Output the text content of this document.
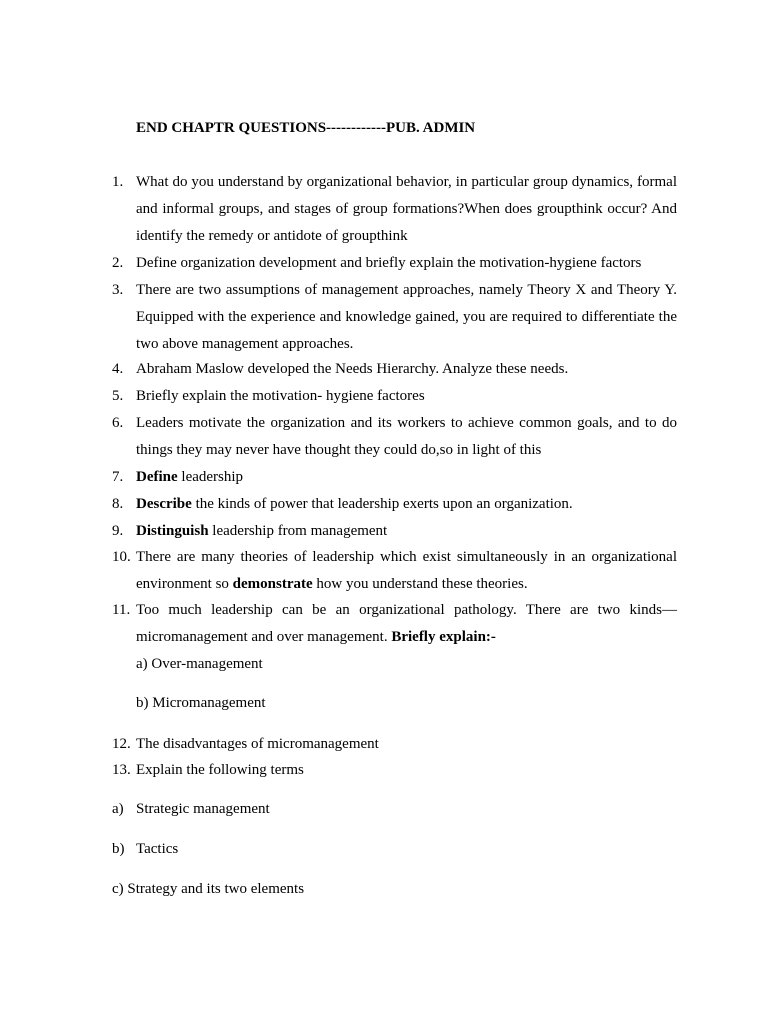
END CHAPTR QUESTIONS------------PUB. ADMIN
1. What do you understand by organizational behavior, in particular group dynamics, formal and informal groups, and stages of group formations?When does groupthink occur? And identify the remedy or antidote of groupthink
2. Define organization development and briefly explain the motivation-hygiene factors
3. There are two assumptions of management approaches, namely Theory X and Theory Y. Equipped with the experience and knowledge gained, you are required to differentiate the two above management approaches.
4. Abraham Maslow developed the Needs Hierarchy. Analyze these needs.
5. Briefly explain the motivation- hygiene factores
6. Leaders motivate the organization and its workers to achieve common goals, and to do things they may never have thought they could do,so in light of this
7. Define leadership
8. Describe the kinds of power that leadership exerts upon an organization.
9. Distinguish leadership from management
10. There are many theories of leadership which exist simultaneously in an organizational environment so demonstrate how you understand these theories.
11. Too much leadership can be an organizational pathology. There are two kinds—micromanagement and over management. Briefly explain:-
a) Over-management
b) Micromanagement
12. The disadvantages of micromanagement
13. Explain the following terms
a) Strategic management
b) Tactics
c) Strategy and its two elements
